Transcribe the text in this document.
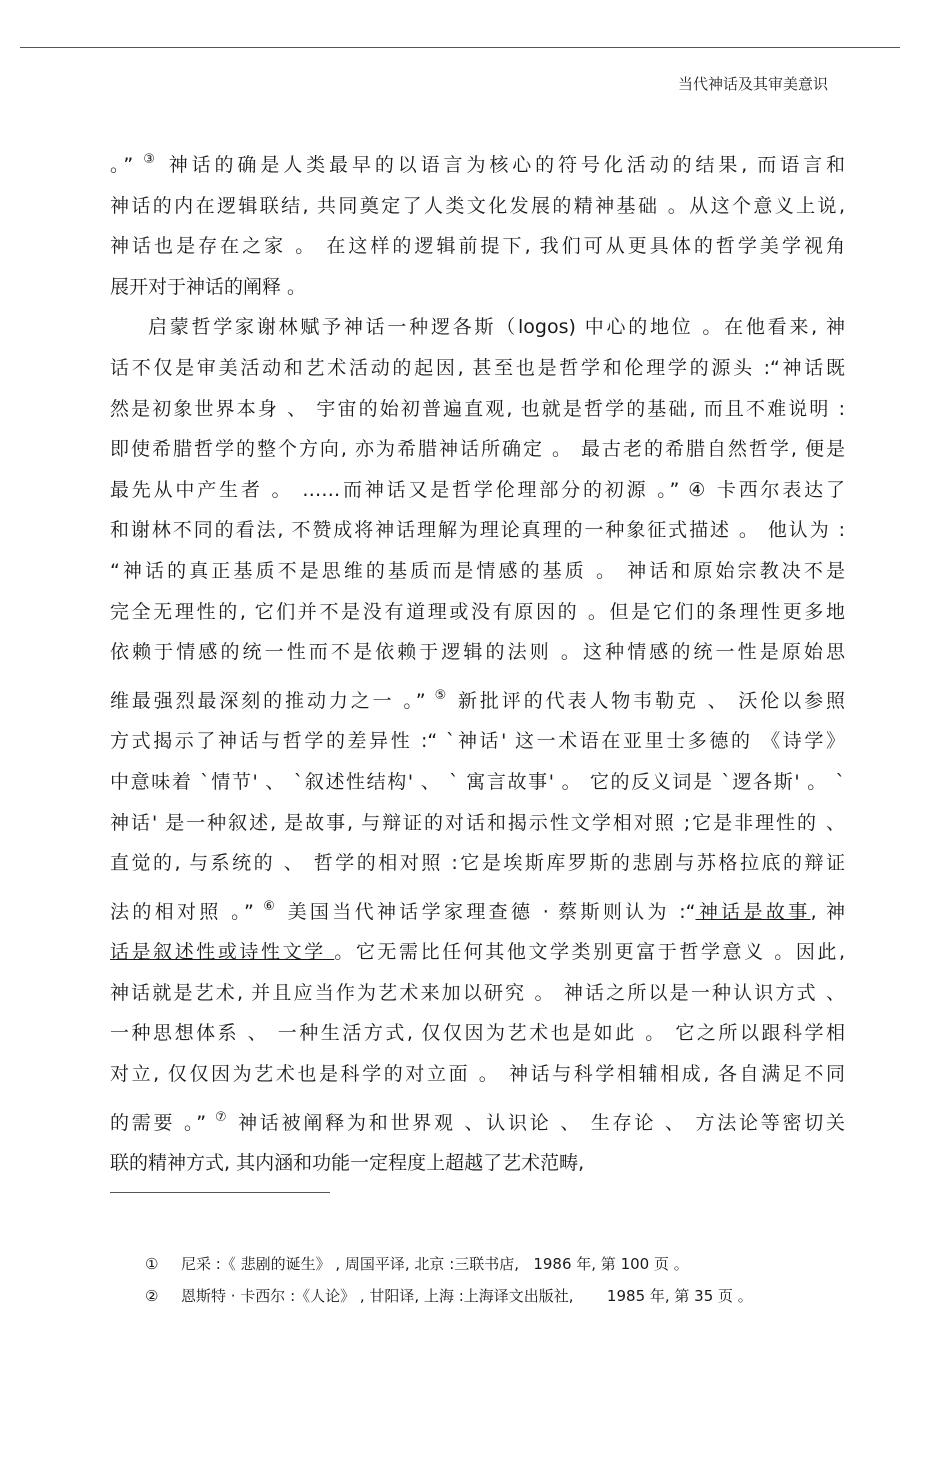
当代神话及其审美意识
。” ③ 神话的确是人类最早的以语言为核心的符号化活动的结果, 而语言和
神话的内在逻辑联结, 共同奠定了人类文化发展的精神基础 。从这个意义上说,
神话也是存在之家 。 在这样的逻辑前提下, 我们可从更具体的哲学美学视角
展开对于神话的阐释 。
启蒙哲学家谢林赋予神话一种逻各斯（logos) 中心的地位 。在他看来, 神
话不仅是审美活动和艺术活动的起因, 甚至也是哲学和伦理学的源头 :“神话既
然是初象世界本身 、 宇宙的始初普遍直观, 也就是哲学的基础, 而且不难说明 :
即使希腊哲学的整个方向, 亦为希腊神话所确定 。 最古老的希腊自然哲学, 便是
最先从中产生者 。 ……而神话又是哲学伦理部分的初源 。” ④ 卡西尔表达了
和谢林不同的看法, 不赞成将神话理解为理论真理的一种象征式描述 。 他认为 :
“神话的真正基质不是思维的基质而是情感的基质 。 神话和原始宗教决不是
完全无理性的, 它们并不是没有道理或没有原因的 。但是它们的条理性更多地
依赖于情感的统一性而不是依赖于逻辑的法则 。这种情感的统一性是原始思
维最强烈最深刻的推动力之一 。” ⑤ 新批评的代表人物韦勒克 、 沃伦以参照
方式揭示了神话与哲学的差异性 :“ `神话' 这一术语在亚里士多德的 《诗学》
中意味着 `情节' 、 `叙述性结构' 、 ` 寓言故事' 。 它的反义词是 `逻各斯' 。 `
神话' 是一种叙述, 是故事, 与辩证的对话和揭示性文学相对照 ;它是非理性的 、
直觉的, 与系统的 、 哲学的相对照 :它是埃斯库罗斯的悲剧与苏格拉底的辩证
法的相对照 。” ⑥ 美国当代神话学家理查德 · 蔡斯则认为 :“神话是故事, 神
话是叙述性或诗性文学 。它无需比任何其他文学类别更富于哲学意义 。因此,
神话就是艺术, 并且应当作为艺术来加以研究 。 神话之所以是一种认识方式 、
一种思想体系 、 一种生活方式, 仅仅因为艺术也是如此 。 它之所以跟科学相
对立, 仅仅因为艺术也是科学的对立面 。 神话与科学相辅相成, 各自满足不同
的需要 。” ⑦ 神话被阐释为和世界观 、认识论 、 生存论 、 方法论等密切关
联的精神方式, 其内涵和功能一定程度上超越了艺术范畴,
① 尼采 :《 悲剧的诞生》 , 周国平译, 北京 :三联书店,   1986 年, 第 100 页 。
② 恩斯特 · 卡西尔 :《人论》 , 甘阳译, 上海 :上海译文出版社,       1985 年, 第 35 页 。
